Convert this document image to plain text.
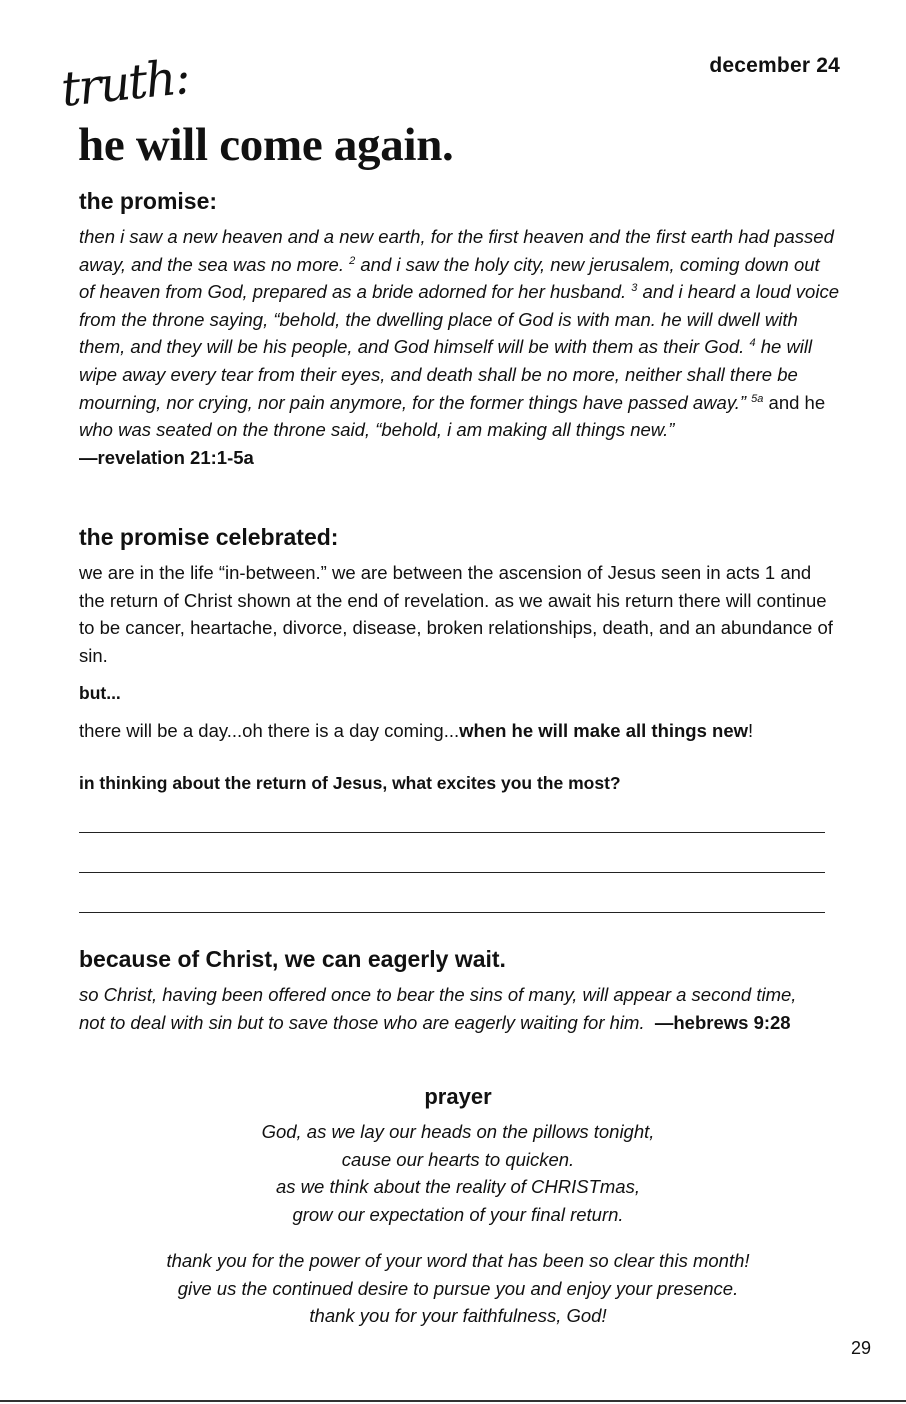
december 24
truth:
he will come again.
the promise:
then i saw a new heaven and a new earth, for the first heaven and the first earth had passed away, and the sea was no more. $^2$ and i saw the holy city, new jerusalem, coming down out of heaven from God, prepared as a bride adorned for her husband. $^3$ and i heard a loud voice from the throne saying, “behold, the dwelling place of God is with man. he will dwell with them, and they will be his people, and God himself will be with them as their God. $^4$ he will wipe away every tear from their eyes, and death shall be no more, neither shall there be mourning, nor crying, nor pain anymore, for the former things have passed away.” $^{5a}$ and he who was seated on the throne said, “behold, i am making all things new.”
—revelation 21:1-5a
the promise celebrated:
we are in the life “in-between.” we are between the ascension of Jesus seen in acts 1 and the return of Christ shown at the end of revelation. as we await his return there will continue to be cancer, heartache, divorce, disease, broken relationships, death, and an abundance of sin.
but...
there will be a day...oh there is a day coming...when he will make all things new!
in thinking about the return of Jesus, what excites you the most?
because of Christ, we can eagerly wait.
so Christ, having been offered once to bear the sins of many, will appear a second time, not to deal with sin but to save those who are eagerly waiting for him. —hebrews 9:28
prayer
God, as we lay our heads on the pillows tonight,
cause our hearts to quicken.
as we think about the reality of CHRISTmas,
grow our expectation of your final return.
thank you for the power of your word that has been so clear this month!
give us the continued desire to pursue you and enjoy your presence.
thank you for your faithfulness, God!
29
